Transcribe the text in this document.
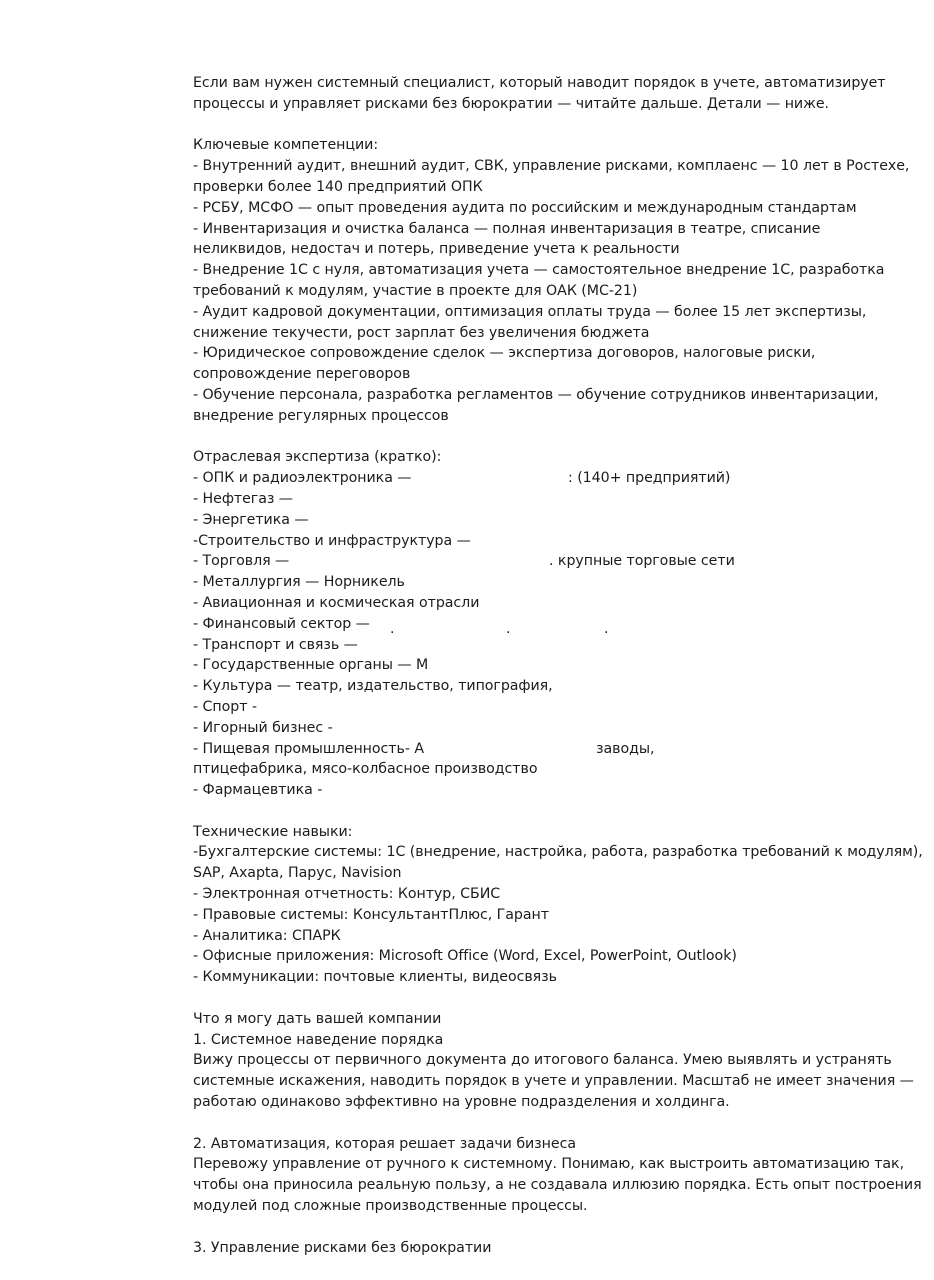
Если вам нужен системный специалист, который наводит порядок в учете, автоматизирует
процессы и управляет рисками без бюрократии — читайте дальше. Детали — ниже.
Ключевые компетенции:
- Внутренний аудит, внешний аудит, СВК, управление рисками, комплаенс — 10 лет в Ростехе,
проверки более 140 предприятий ОПК
- РСБУ, МСФО — опыт проведения аудита по российским и международным стандартам
- Инвентаризация и очистка баланса — полная инвентаризация в театре, списание
неликвидов, недостач и потерь, приведение учета к реальности
- Внедрение 1С с нуля, автоматизация учета — самостоятельное внедрение 1С, разработка
требований к модулям, участие в проекте для ОАК (МС-21)
- Аудит кадровой документации, оптимизация оплаты труда — более 15 лет экспертизы,
снижение текучести, рост зарплат без увеличения бюджета
- Юридическое сопровождение сделок — экспертиза договоров, налоговые риски,
сопровождение переговоров
- Обучение персонала, разработка регламентов — обучение сотрудников инвентаризации,
внедрение регулярных процессов
Отраслевая экспертиза (кратко):
- ОПК и радиоэлектроника —	: (140+ предприятий)
- Нефтегаз —
- Энергетика —
-Строительство и инфраструктура —
- Торговля —	. крупные торговые сети
- Металлургия — Норникель
- Авиационная и космическая отрасли
- Финансовый сектор — .	.	.
- Транспорт и связь —
- Государственные органы — М
- Культура — театр, издательство, типография,
- Спорт -
- Игорный бизнес -
- Пищевая промышленность- А	заводы,
птицефабрика, мясо-колбасное производство
- Фармацевтика -
Технические навыки:
-Бухгалтерские системы: 1С (внедрение, настройка, работа, разработка требований к модулям),
SAP, Axapta, Парус, Navision
- Электронная отчетность: Контур, СБИС
- Правовые системы: КонсультантПлюс, Гарант
- Аналитика: СПАРК
- Офисные приложения: Microsoft Office (Word, Excel, PowerPoint, Outlook)
- Коммуникации: почтовые клиенты, видеосвязь
Что я могу дать вашей компании
1. Системное наведение порядка
Вижу процессы от первичного документа до итогового баланса. Умею выявлять и устранять
системные искажения, наводить порядок в учете и управлении. Масштаб не имеет значения —
работаю одинаково эффективно на уровне подразделения и холдинга.
2. Автоматизация, которая решает задачи бизнеса
Перевожу управление от ручного к системному. Понимаю, как выстроить автоматизацию так,
чтобы она приносила реальную пользу, а не создавала иллюзию порядка. Есть опыт построения
модулей под сложные производственные процессы.
3. Управление рисками без бюрократии
